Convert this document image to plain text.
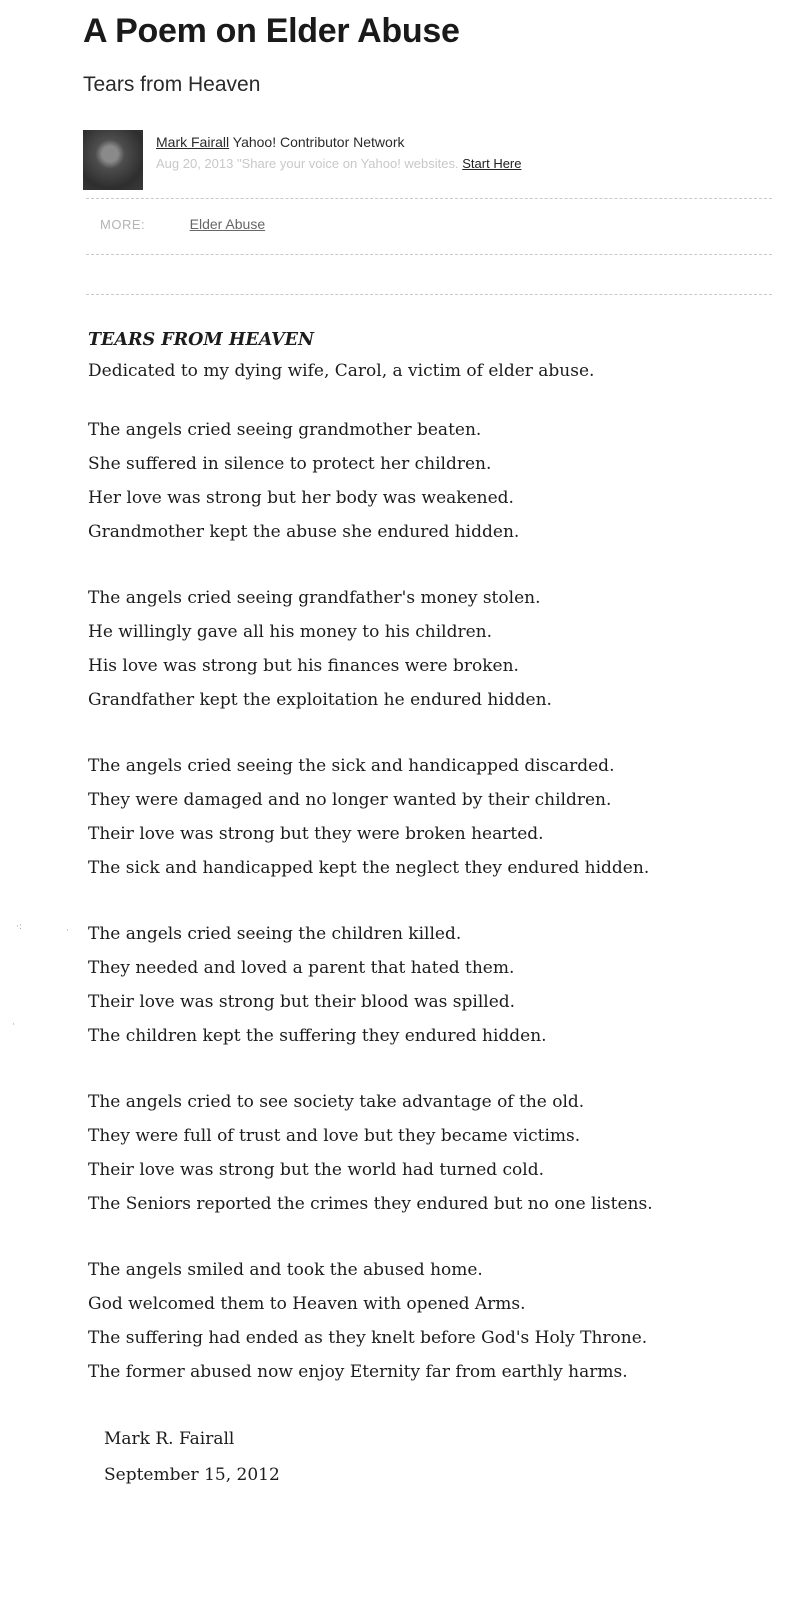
A Poem on Elder Abuse
Tears from Heaven
Mark Fairall Yahoo! Contributor Network
Aug 20, 2013 "Share your voice on Yahoo! websites. Start Here
MORE:	Elder Abuse
TEARS FROM HEAVEN
Dedicated to my dying wife, Carol, a victim of elder abuse.
The angels cried seeing grandmother beaten.
She suffered in silence to protect her children.
Her love was strong but her body was weakened.
Grandmother kept the abuse she endured hidden.
The angels cried seeing grandfather's money stolen.
He willingly gave all his money to his children.
His love was strong but his finances were broken.
Grandfather kept the exploitation he endured hidden.
The angels cried seeing the sick and handicapped discarded.
They were damaged and no longer wanted by their children.
Their love was strong but they were broken hearted.
The sick and handicapped kept the neglect they endured hidden.
The angels cried seeing the children killed.
They needed and loved a parent that hated them.
Their love was strong but their blood was spilled.
The children kept the suffering they endured hidden.
The angels cried to see society take advantage of the old.
They were full of trust and love but they became victims.
Their love was strong but the world had turned cold.
The Seniors reported the crimes they endured but no one listens.
The angels smiled and took the abused home.
God welcomed them to Heaven with opened Arms.
The suffering had ended as they knelt before God's Holy Throne.
The former abused now enjoy Eternity far from earthly harms.
Mark R. Fairall
September 15, 2012
·:	·
·
